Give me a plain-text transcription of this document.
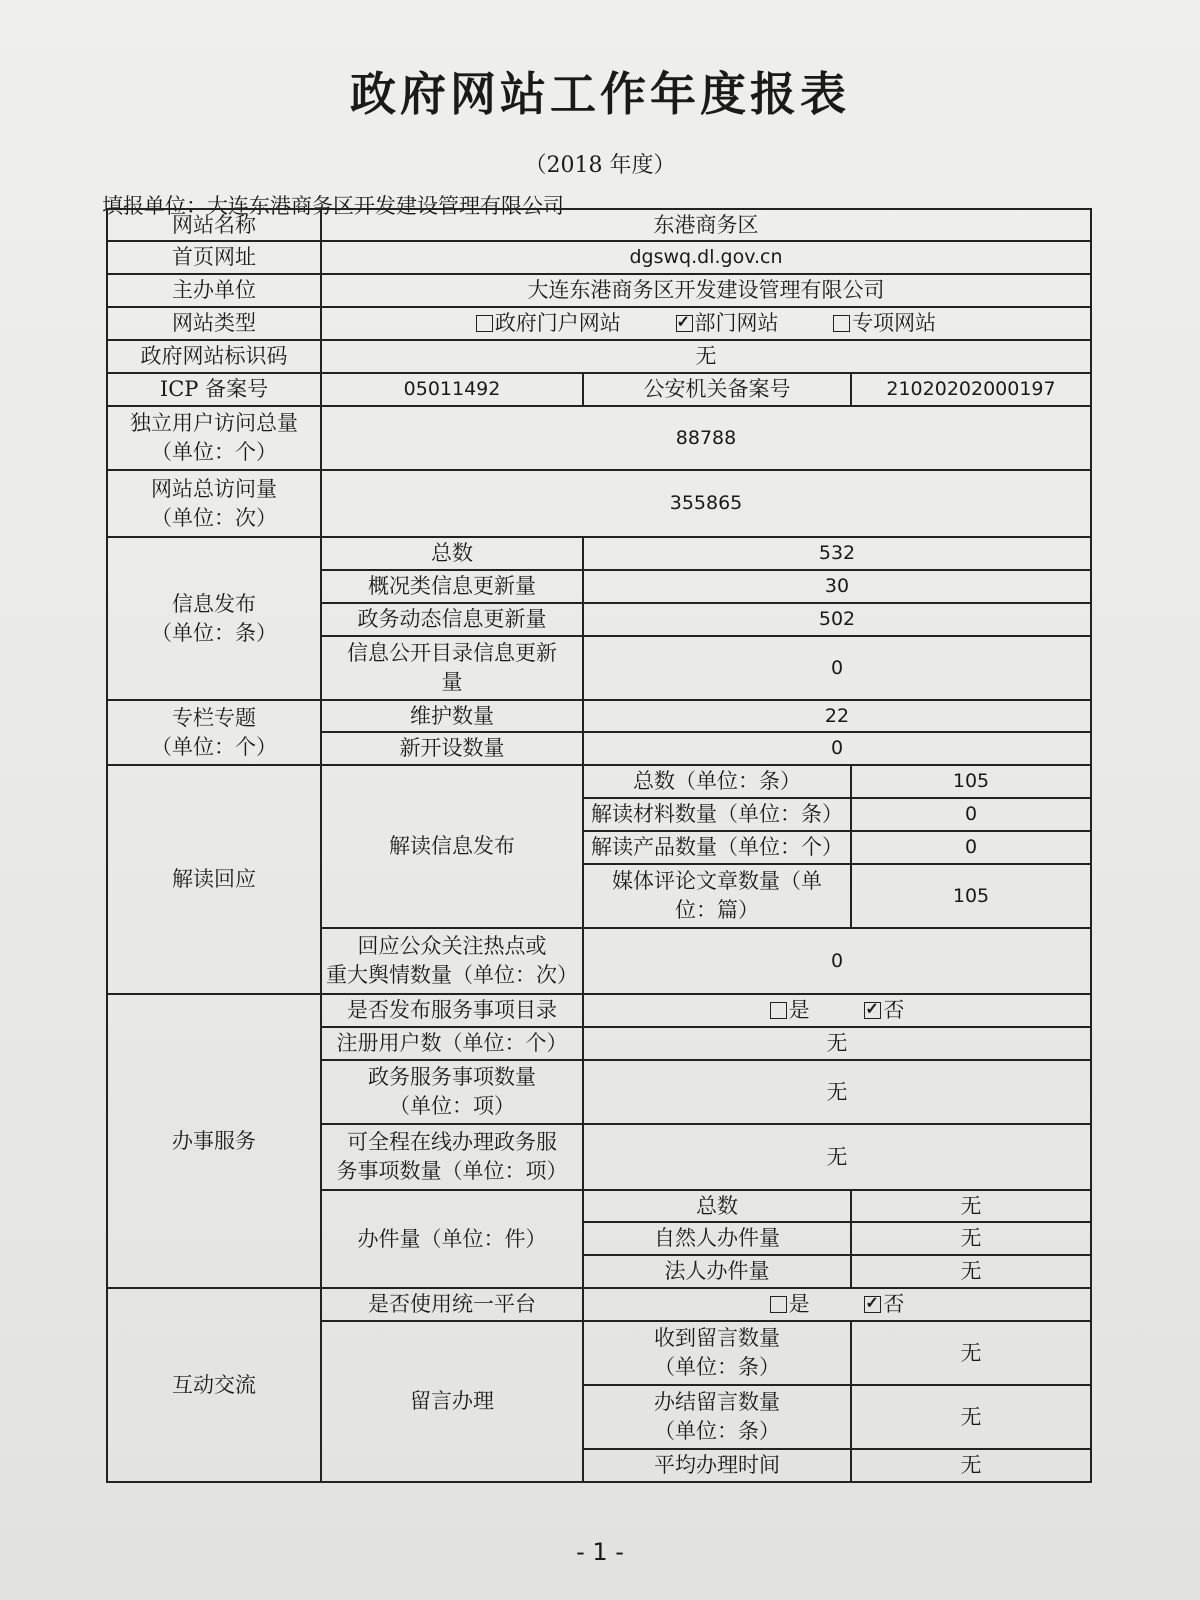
政府网站工作年度报表
（2018 年度）
填报单位：大连东港商务区开发建设管理有限公司
网站名称	东港商务区		
首页网址	dgswq.dl.gov.cn		
主办单位	大连东港商务区开发建设管理有限公司		
网站类型	政府门户网站 ✓ 部门网站 专项网站
政府网站标识码	无		
ICP 备案号	05011492	公安机关备案号	21020202000197
独立用户访问总量
（单位：个）	88788		
网站总访问量
（单位：次）	355865		
信息发布
（单位：条）	总数	532	
	概况类信息更新量	30	
	政务动态信息更新量	502	
	信息公开目录信息更新
量	0	
专栏专题
（单位：个）	维护数量	22	
	新开设数量	0	
解读回应	解读信息发布	总数（单位：条）	105
		解读材料数量（单位：条）	0
		解读产品数量（单位：个）	0
		媒体评论文章数量（单
位：篇）	105
	回应公众关注热点或
重大舆情数量（单位：次）	0	
办事服务	是否发布服务事项目录	是 ✓ 否
	注册用户数（单位：个）	无	
	政务服务事项数量
（单位：项）	无	
	可全程在线办理政务服
务事项数量（单位：项）	无	
	办件量（单位：件）	总数	无
		自然人办件量	无
		法人办件量	无
互动交流	是否使用统一平台	是 ✓ 否
	留言办理	收到留言数量
（单位：条）	无
		办结留言数量
（单位：条）	无
		平均办理时间	无
- 1 -
